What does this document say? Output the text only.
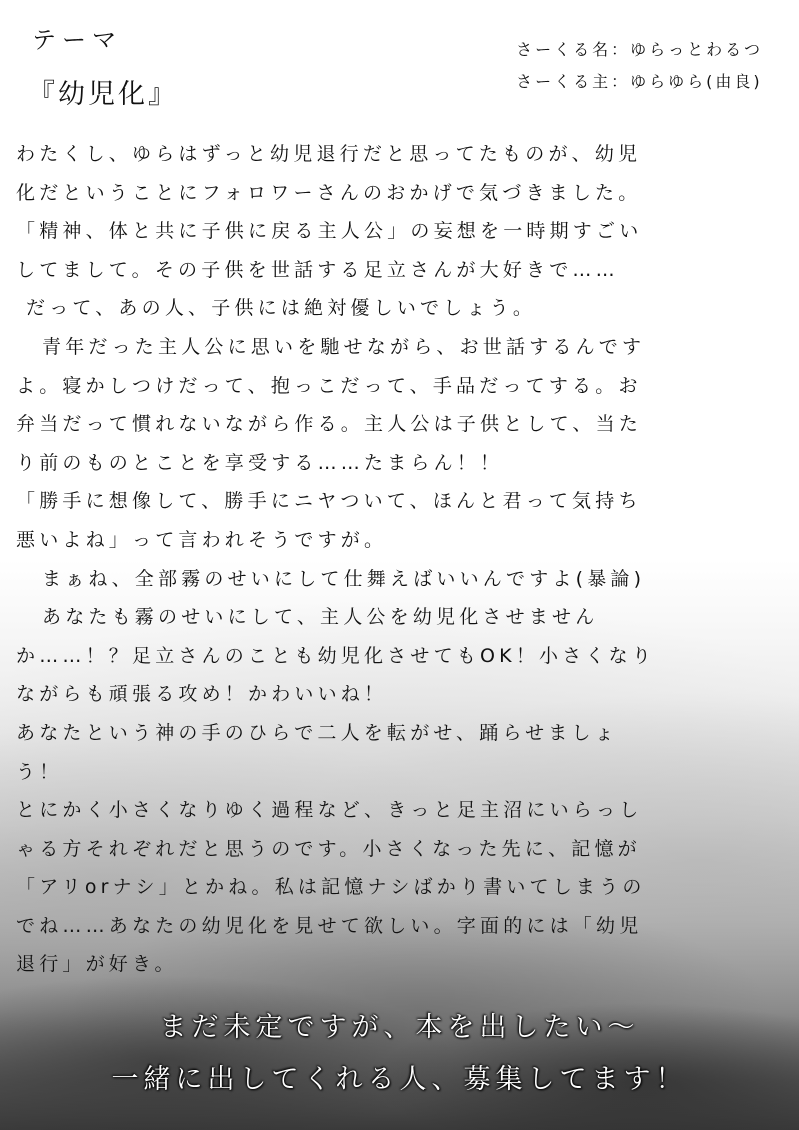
テーマ
『幼児化』
さーくる名：ゆらっとわるつ
さーくる主：ゆらゆら(由良)
わたくし、ゆらはずっと幼児退行だと思ってたものが、幼児
化だということにフォロワーさんのおかげで気づきました。
「精神、体と共に子供に戻る主人公」の妄想を一時期すごい
してまして。その子供を世話する足立さんが大好きで……
だって、あの人、子供には絶対優しいでしょう。
青年だった主人公に思いを馳せながら、お世話するんです
よ。寝かしつけだって、抱っこだって、手品だってする。お
弁当だって慣れないながら作る。主人公は子供として、当た
り前のものとことを享受する……たまらん！！
「勝手に想像して、勝手にニヤついて、ほんと君って気持ち
悪いよね」って言われそうですが。
まぁね、全部霧のせいにして仕舞えばいいんですよ(暴論)
あなたも霧のせいにして、主人公を幼児化させません
か……！？足立さんのことも幼児化させてもOK！小さくなり
ながらも頑張る攻め！かわいいね！
あなたという神の手のひらで二人を転がせ、踊らせましょ
う！
とにかく小さくなりゆく過程など、きっと足主沼にいらっし
ゃる方それぞれだと思うのです。小さくなった先に、記憶が
「アリorナシ」とかね。私は記憶ナシばかり書いてしまうの
でね……あなたの幼児化を見せて欲しい。字面的には「幼児
退行」が好き。
まだ未定ですが、本を出したい〜
一緒に出してくれる人、募集してます！
